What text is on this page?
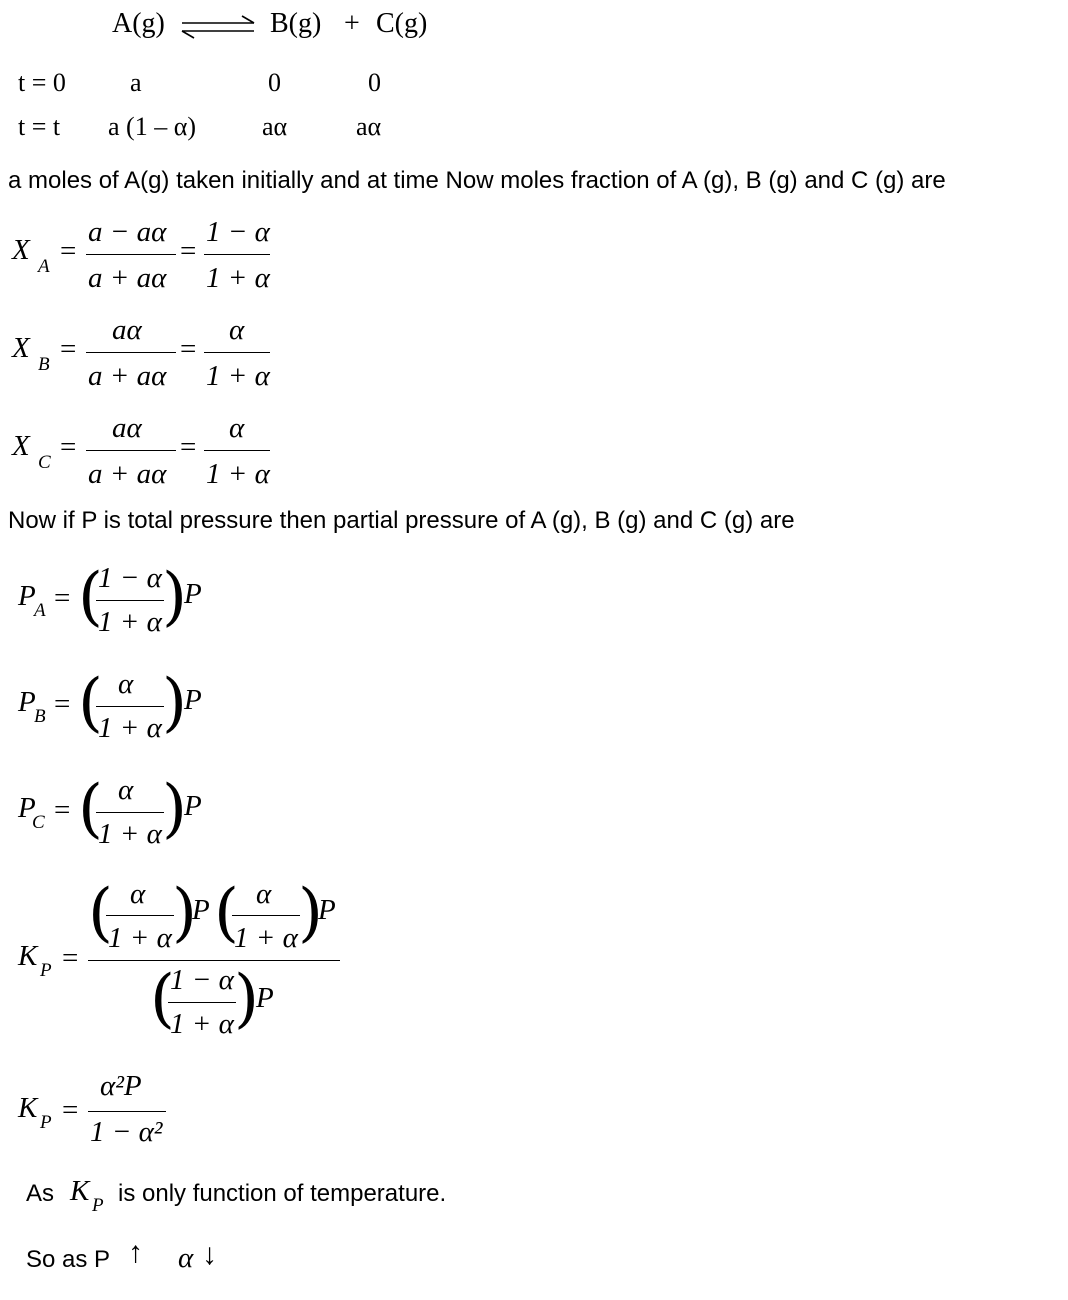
A(g)	B(g) + C(g)
t = 0 a	0	0
t = t a (1 – α)	aα	aα
a moles of A(g) taken initially and at time Now moles fraction of A (g), B (g) and C (g) are
X
A =
a − aα
a + aα
=
1 − α
1 + α
X
B =
aα
a + aα
=
α
1 + α
X
C =
aα
a + aα
=
α
1 + α
Now if P is total pressure then partial pressure of A (g), B (g) and C (g) are
P
A = (
1 − α
1 + α )
P
P
B = ( α
1 + α )
P
P
C = ( α
1 + α )
P
K P =
( α
1 + α )
P ( α
1 + α )
P
(
1 − α
1 + α )
P
K P =
α²P
1 − α²
As K P is only function of temperature.
So as P ↑ α ↓
